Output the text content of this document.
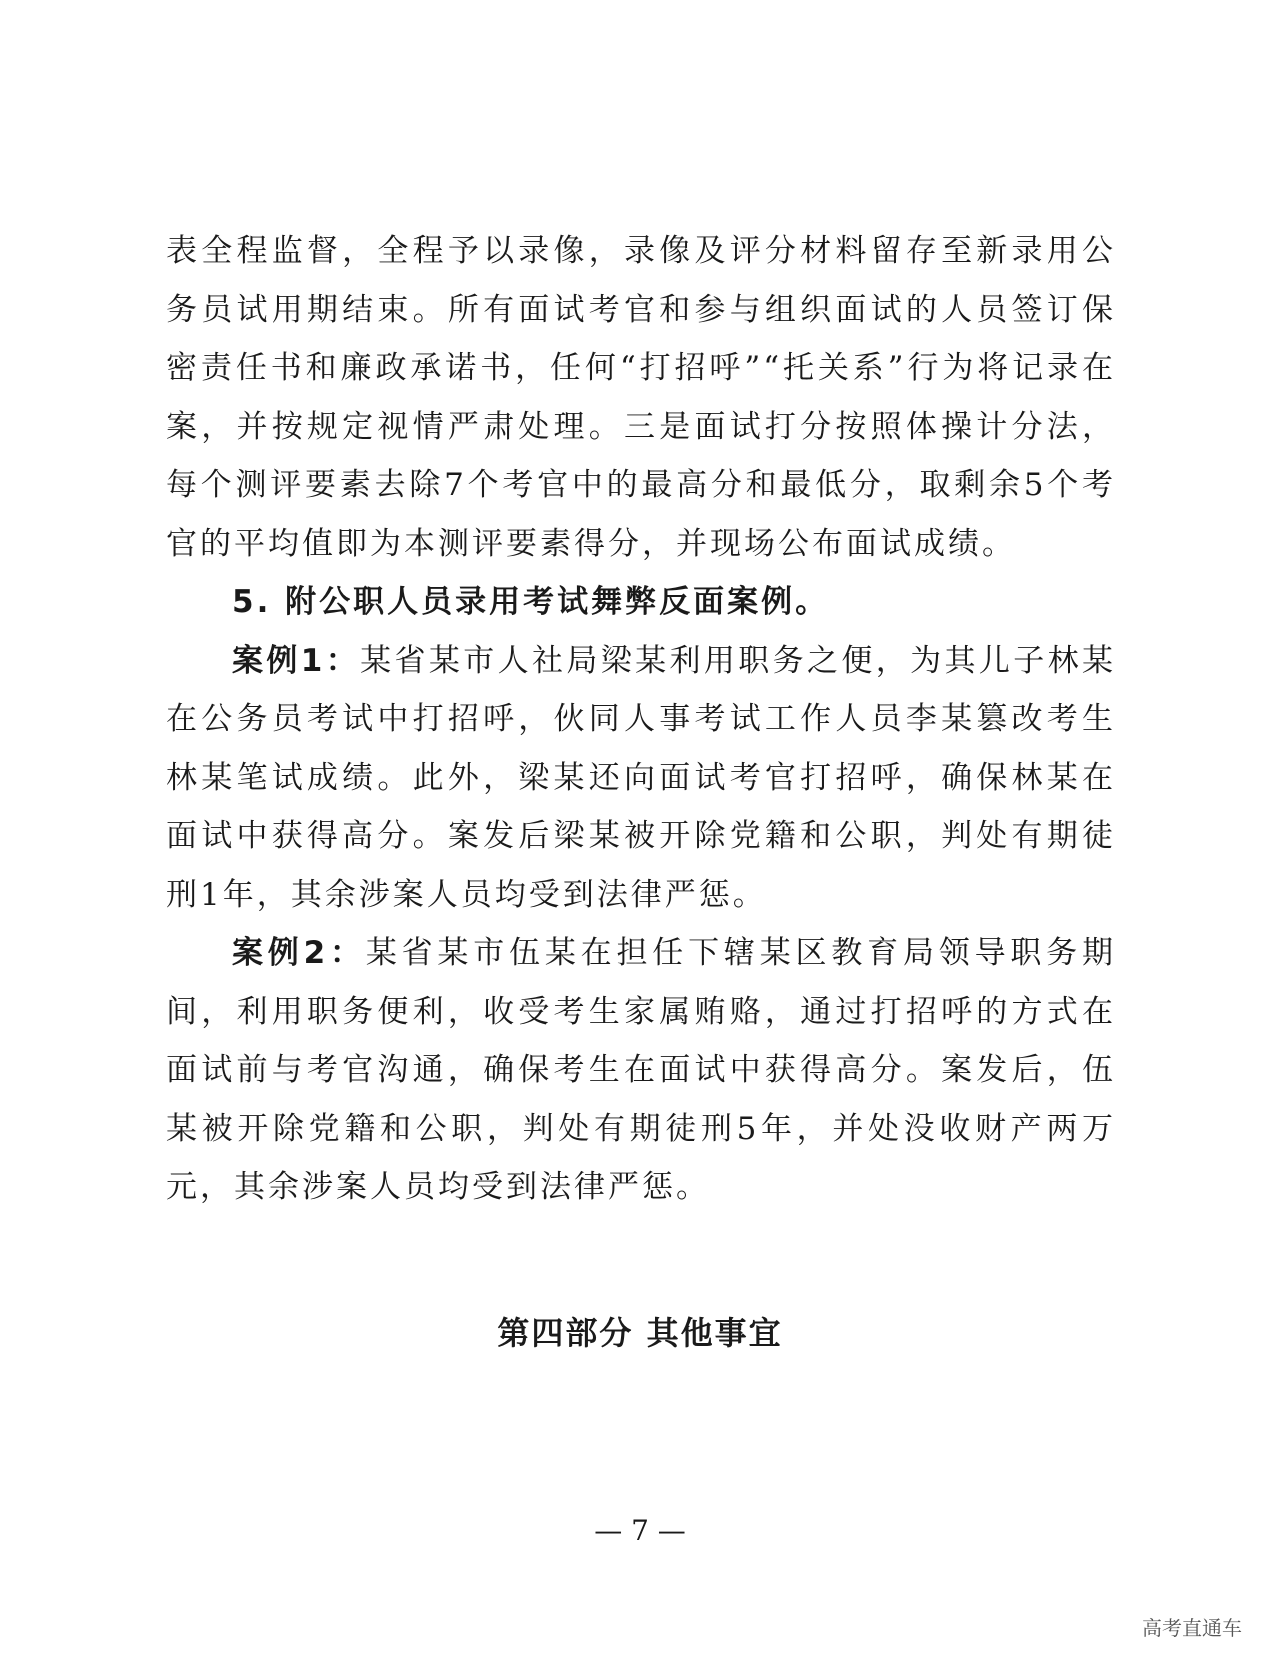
表全程监督，全程予以录像，录像及评分材料留存至新录用公务员试用期结束。所有面试考官和参与组织面试的人员签订保密责任书和廉政承诺书，任何“打招呼”“托关系”行为将记录在案，并按规定视情严肃处理。三是面试打分按照体操计分法，每个测评要素去除7个考官中的最高分和最低分，取剩余5个考官的平均值即为本测评要素得分，并现场公布面试成绩。

5. 附公职人员录用考试舞弊反面案例。

案例1：某省某市人社局梁某利用职务之便，为其儿子林某在公务员考试中打招呼，伙同人事考试工作人员李某篡改考生林某笔试成绩。此外，梁某还向面试考官打招呼，确保林某在面试中获得高分。案发后梁某被开除党籍和公职，判处有期徒刑1年，其余涉案人员均受到法律严惩。

案例2：某省某市伍某在担任下辖某区教育局领导职务期间，利用职务便利，收受考生家属贿赂，通过打招呼的方式在面试前与考官沟通，确保考生在面试中获得高分。案发后，伍某被开除党籍和公职，判处有期徒刑5年，并处没收财产两万元，其余涉案人员均受到法律严惩。

第四部分 其他事宜
— 7 —
高考直通车
